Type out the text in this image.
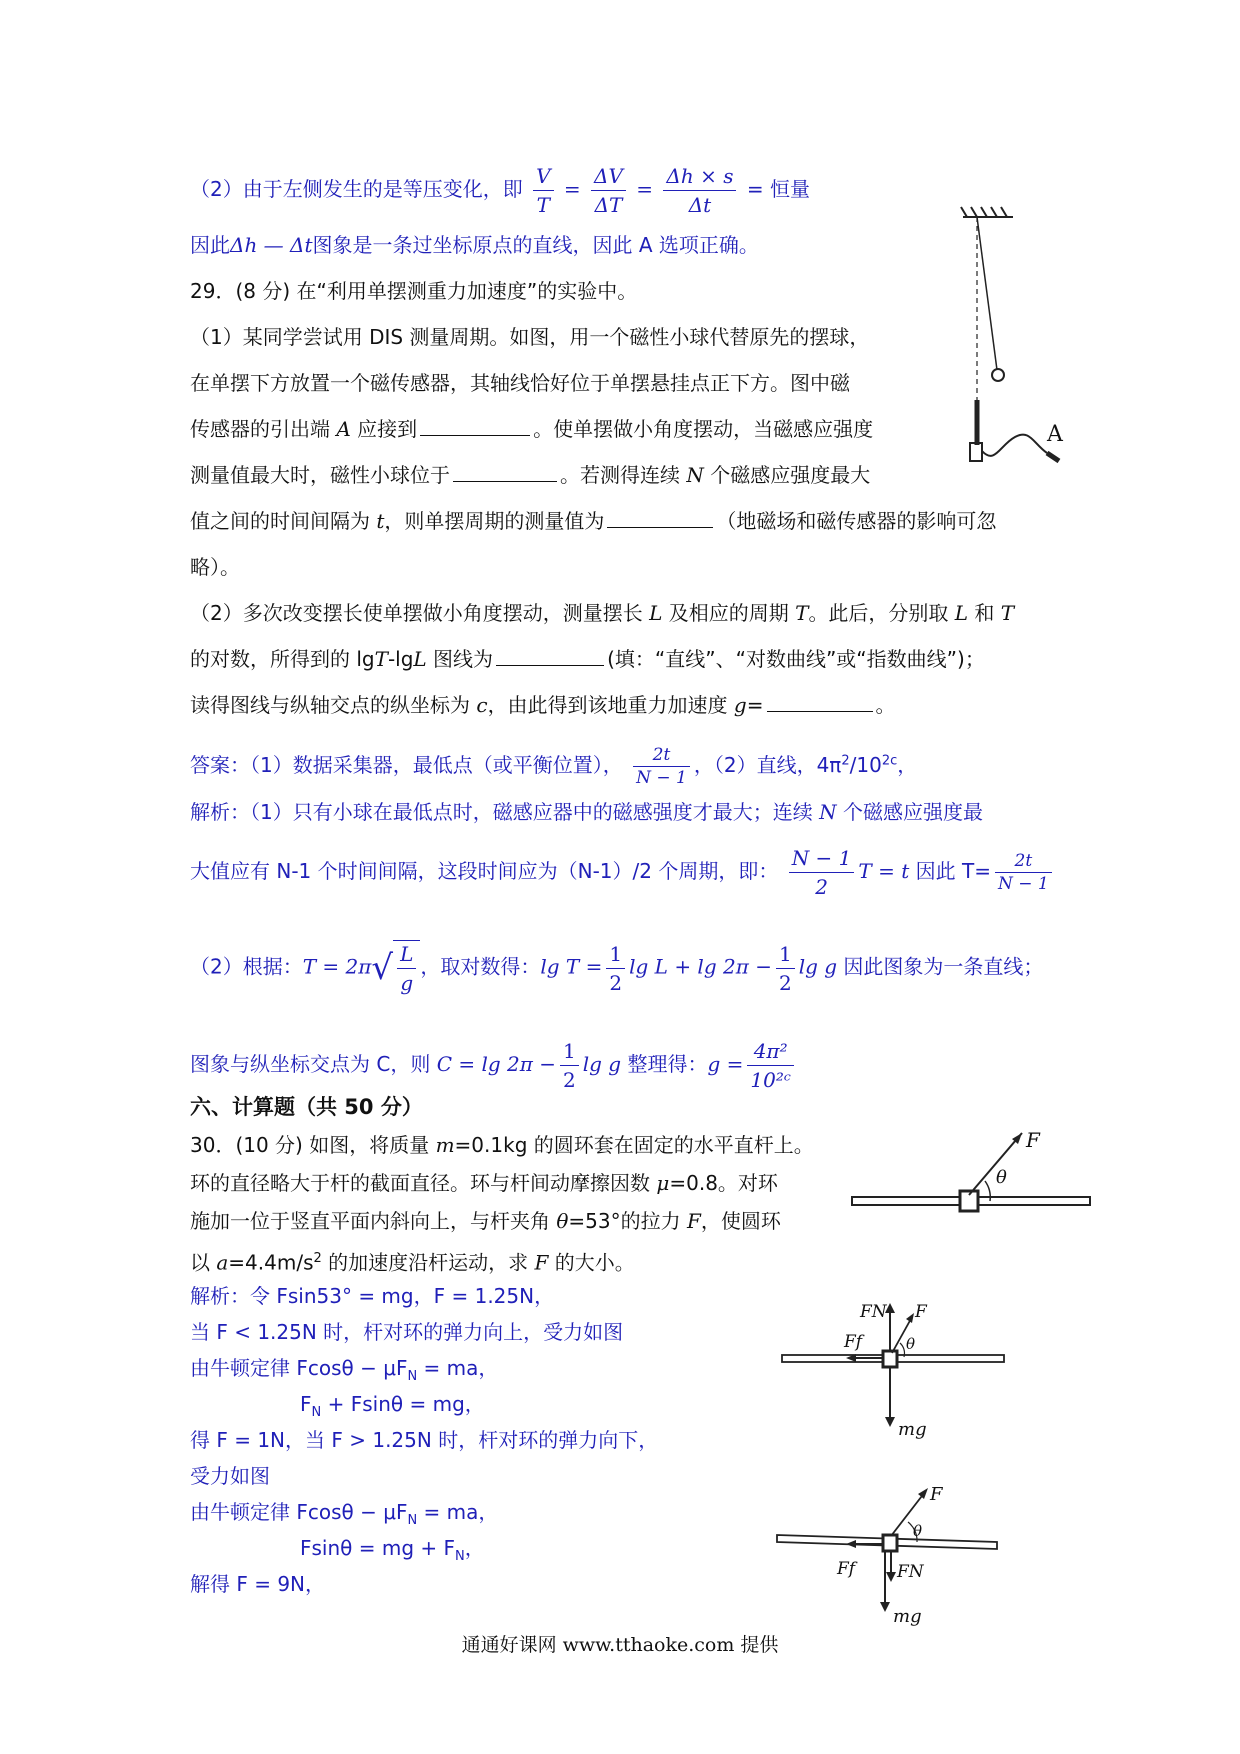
（2）由于左侧发生的是等压变化，即 $\frac{V}{T} = \frac{\Delta V}{\Delta T} = \frac{\Delta h \times s}{\Delta t}$ = 恒量
因此Δh — Δt图象是一条过坐标原点的直线，因此 A 选项正确。
29．(8 分) 在“利用单摆测重力加速度”的实验中。
（1）某同学尝试用 DIS 测量周期。如图，用一个磁性小球代替原先的摆球，
在单摆下方放置一个磁传感器，其轴线恰好位于单摆悬挂点正下方。图中磁
传感器的引出端 A 应接到	。使单摆做小角度摆动，当磁感应强度
测量值最大时，磁性小球位于	。若测得连续 N 个磁感应强度最大
值之间的时间间隔为 t，则单摆周期的测量值为	（地磁场和磁传感器的影响可忽
略）。
（2）多次改变摆长使单摆做小角度摆动，测量摆长 L 及相应的周期 T。此后，分别取 L 和 T
的对数，所得到的 lgT-lgL 图线为	(填：“直线”、“对数曲线”或“指数曲线”)；
读得图线与纵轴交点的纵坐标为 c，由此得到该地重力加速度 g=	。
A
答案：（1）数据采集器，最低点（或平衡位置）， $\frac{2t}{N - 1}$ ，（2）直线，$4\pi^2/10^{2c}$，
解析：（1）只有小球在最低点时，磁感应器中的磁感强度才最大；连续 N 个磁感应强度最
大值应有 N-1 个时间间隔，这段时间应为（N-1）/2 个周期，即： $\frac{N - 1}{2}$ T = t 因此 $T= \frac{2t}{N - 1}$
（2）根据：$T = 2\pi√ \frac{L}{g}$ ，取对数得：$\lg T = \frac{1}{2}$ $\lg L + \lg 2\pi - \frac{1}{2}$ lg g 因此图象为一条直线；
图象与纵坐标交点为 C，则 $C = \lg 2\pi - \frac{1}{2}$ lg g 整理得：$g = \frac{\text{4π²}}{\text{10²ᶜ}}$
六、计算题（共 50 分）
30．(10 分) 如图，将质量 m=0.1kg 的圆环套在固定的水平直杆上。
环的直径略大于杆的截面直径。环与杆间动摩擦因数 μ=0.8。对环
施加一位于竖直平面内斜向上，与杆夹角 θ=53°的拉力 F，使圆环
以 $a=4.4m/s^2$ 的加速度沿杆运动，求 F 的大小。
F
θ
解析：令 Fsin53° = mg，F = 1.25N，
当 F < 1.25N 时，杆对环的弹力向上，受力如图
由牛顿定律 $Fcos\theta - \mu F_N$ = ma，
$F_N + Fsin\theta$ = mg，
得 F = 1N，当 F > 1.25N 时，杆对环的弹力向下，
受力如图
由牛顿定律 $Fcos\theta - \mu F_N$ = ma，
Fsinθ = mg + $F_N$，
解得 F = 9N，
FN F
Ff	θ
mg
F
θ
Ff FN
mg
通通好课网 www.tthaoke.com 提供
